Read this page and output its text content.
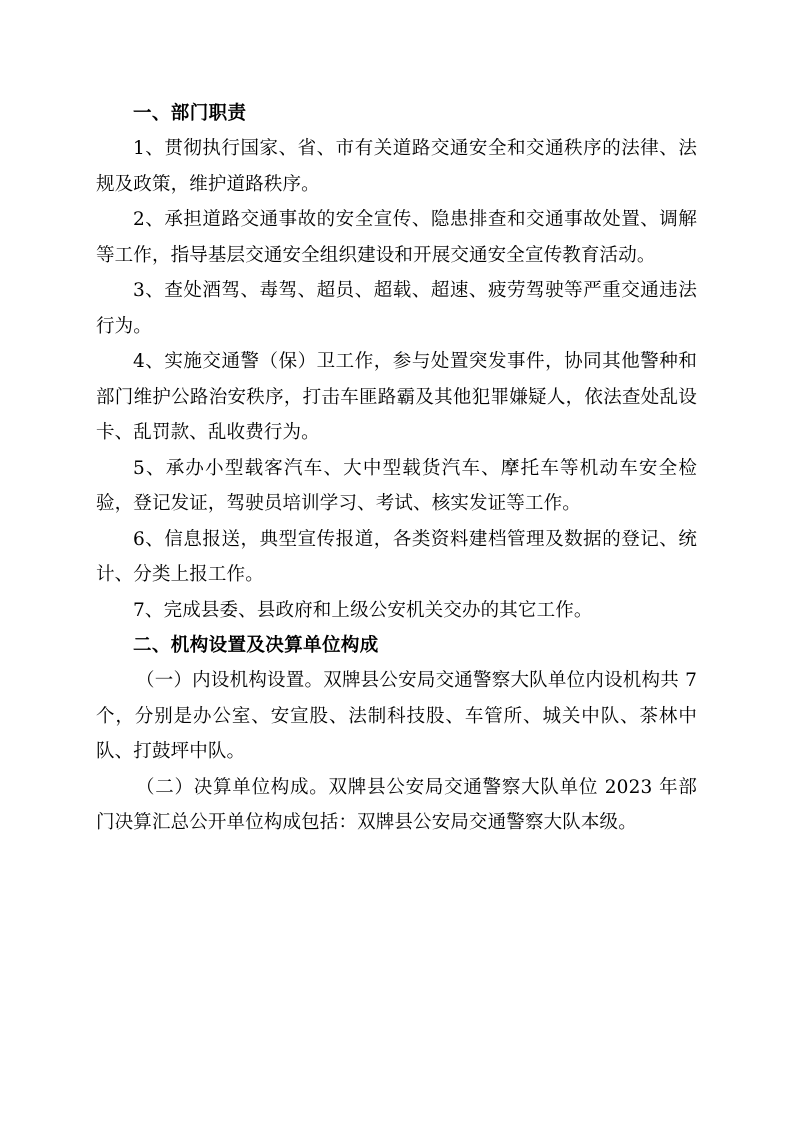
一、部门职责

1、贯彻执行国家、省、市有关道路交通安全和交通秩序的法律、法规及政策，维护道路秩序。

2、承担道路交通事故的安全宣传、隐患排查和交通事故处置、调解等工作，指导基层交通安全组织建设和开展交通安全宣传教育活动。

3、查处酒驾、毒驾、超员、超载、超速、疲劳驾驶等严重交通违法行为。

4、实施交通警（保）卫工作，参与处置突发事件，协同其他警种和部门维护公路治安秩序，打击车匪路霸及其他犯罪嫌疑人，依法查处乱设卡、乱罚款、乱收费行为。

5、承办小型载客汽车、大中型载货汽车、摩托车等机动车安全检验，登记发证，驾驶员培训学习、考试、核实发证等工作。

6、信息报送，典型宣传报道，各类资料建档管理及数据的登记、统计、分类上报工作。

7、完成县委、县政府和上级公安机关交办的其它工作。

二、机构设置及决算单位构成

（一）内设机构设置。双牌县公安局交通警察大队单位内设机构共 7 个，分别是办公室、安宣股、法制科技股、车管所、城关中队、茶林中队、打鼓坪中队。

（二）决算单位构成。双牌县公安局交通警察大队单位 2023 年部门决算汇总公开单位构成包括：双牌县公安局交通警察大队本级。
